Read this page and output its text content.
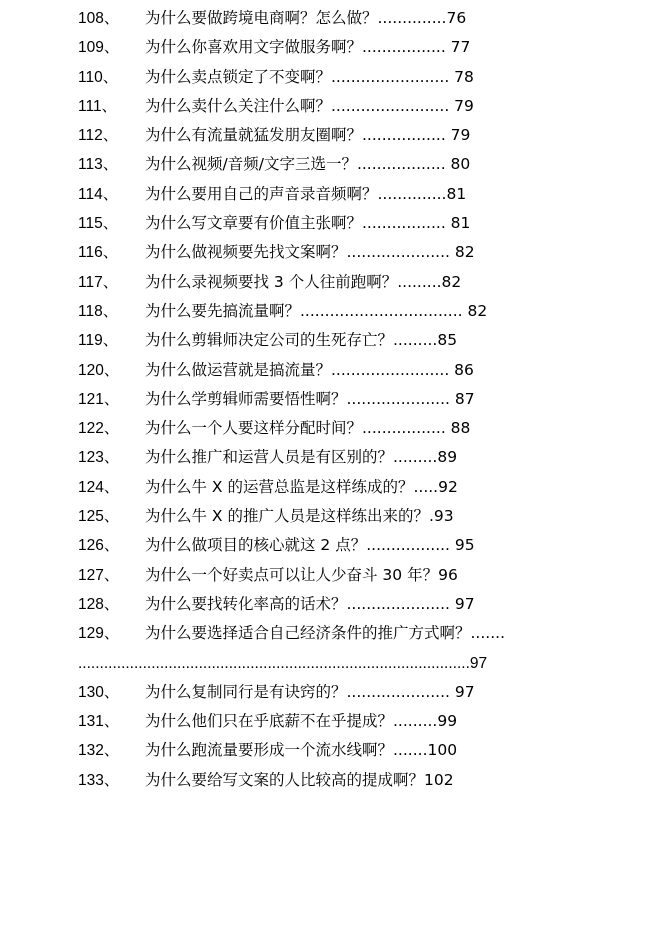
108、	为什么要做跨境电商啊？怎么做？..............76
109、	为什么你喜欢用文字做服务啊？................. 77
110、	为什么卖点锁定了不变啊？........................ 78
111、	为什么卖什么关注什么啊？........................ 79
112、	为什么有流量就猛发朋友圈啊？................. 79
113、	为什么视频/音频/文字三选一？.................. 80
114、	为什么要用自己的声音录音频啊？..............81
115、	为什么写文章要有价值主张啊？................. 81
116、	为什么做视频要先找文案啊？..................... 82
117、	为什么录视频要找 3 个人往前跑啊？.........82
118、	为什么要先搞流量啊？................................. 82
119、	为什么剪辑师决定公司的生死存亡？.........85
120、	为什么做运营就是搞流量？........................ 86
121、	为什么学剪辑师需要悟性啊？..................... 87
122、	为什么一个人要这样分配时间？................. 88
123、	为什么推广和运营人员是有区别的？.........89
124、	为什么牛 X 的运营总监是这样练成的？.....92
125、	为什么牛 X 的推广人员是这样练出来的？.93
126、	为什么做项目的核心就这 2 点？................. 95
127、	为什么一个好卖点可以让人少奋斗 30 年？96
128、	为什么要找转化率高的话术？..................... 97
129、	为什么要选择适合自己经济条件的推广方式啊？.......
...........................................................................................97
130、	为什么复制同行是有诀窍的？..................... 97
131、	为什么他们只在乎底薪不在乎提成？.........99
132、	为什么跑流量要形成一个流水线啊？.......100
133、	为什么要给写文案的人比较高的提成啊？102
